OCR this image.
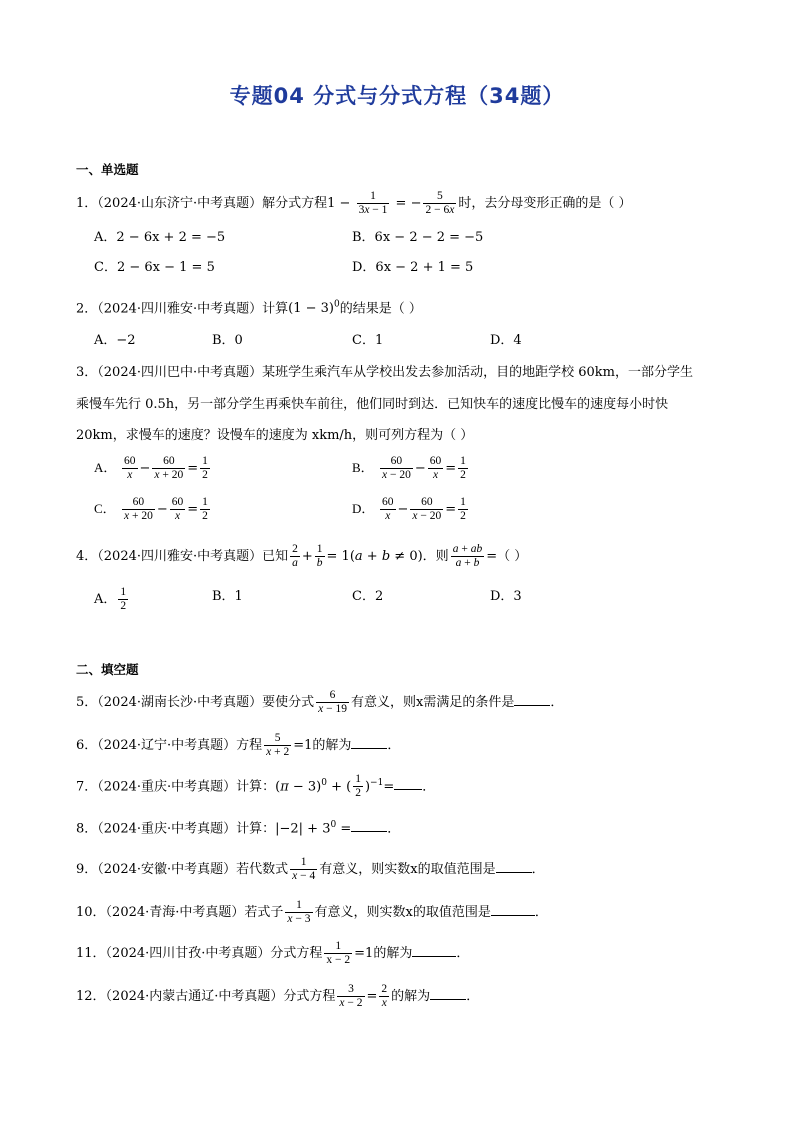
专题04 分式与分式方程（34题）
一、单选题
1．（2024·山东济宁·中考真题）解分式方程$1 - \frac{1}{3x - 1}$ = − $\frac{5}{2 - 6x}$ 时，去分母变形正确的是（ ）
A．2 − 6x + 2 = −5	B．6x − 2 − 2 = −5
C．2 − 6x − 1 = 5	D．6x − 2 + 1 = 5
2．（2024·四川雅安·中考真题）计算$(1 - 3)^0$的结果是（ ）
A．−2	B．0	C．1	D．4
3．（2024·四川巴中·中考真题）某班学生乘汽车从学校出发去参加活动，目的地距学校 60km，一部分学生
乘慢车先行 0.5h，另一部分学生再乘快车前往，他们同时到达．已知快车的速度比慢车的速度每小时快
20km，求慢车的速度？设慢车的速度为 xkm/h，则可列方程为（ ）
A． $\frac{60}{x} - \frac{60}{x + 20} = \frac{1}{2}$	B． $\frac{60}{x - 20} - \frac{60}{x} = \frac{1}{2}$
C． $\frac{60}{x + 20} - \frac{60}{x} = \frac{1}{2}$	D． $\frac{60}{x} - \frac{60}{x - 20} = \frac{1}{2}$
4．（2024·四川雅安·中考真题）已知 $\frac{2}{a} + \frac{1}{b} = 1(a + b \ne 0)$．则 $\frac{a + ab}{a + b}$ =（ ）
A． $\frac{1}{2}$	B．1	C．2	D．3
二、填空题
5．（2024·湖南长沙·中考真题）要使分式 $\frac{6}{x - 19}$ 有意义，则x需满足的条件是	．
6．（2024·辽宁·中考真题）方程 $\frac{5}{x + 2} =1$的解为	．
7．（2024·重庆·中考真题）计算：$(\pi - 3)^0$ + ( $\frac{1}{2} )^{-1}=$ ．
8．（2024·重庆·中考真题）计算：$|-2| + 3^0$ =	．
9．（2024·安徽·中考真题）若代数式 $\frac{1}{x - 4}$ 有意义，则实数x的取值范围是	．
10．（2024·青海·中考真题）若式子 $\frac{1}{x - 3}$ 有意义，则实数x的取值范围是	．
11．（2024·四川甘孜·中考真题）分式方程 $\frac{1}{x - 2} =1$的解为	．
12．（2024·内蒙古通辽·中考真题）分式方程 $\frac{3}{x - 2} = \frac{2}{x}$ 的解为	．
